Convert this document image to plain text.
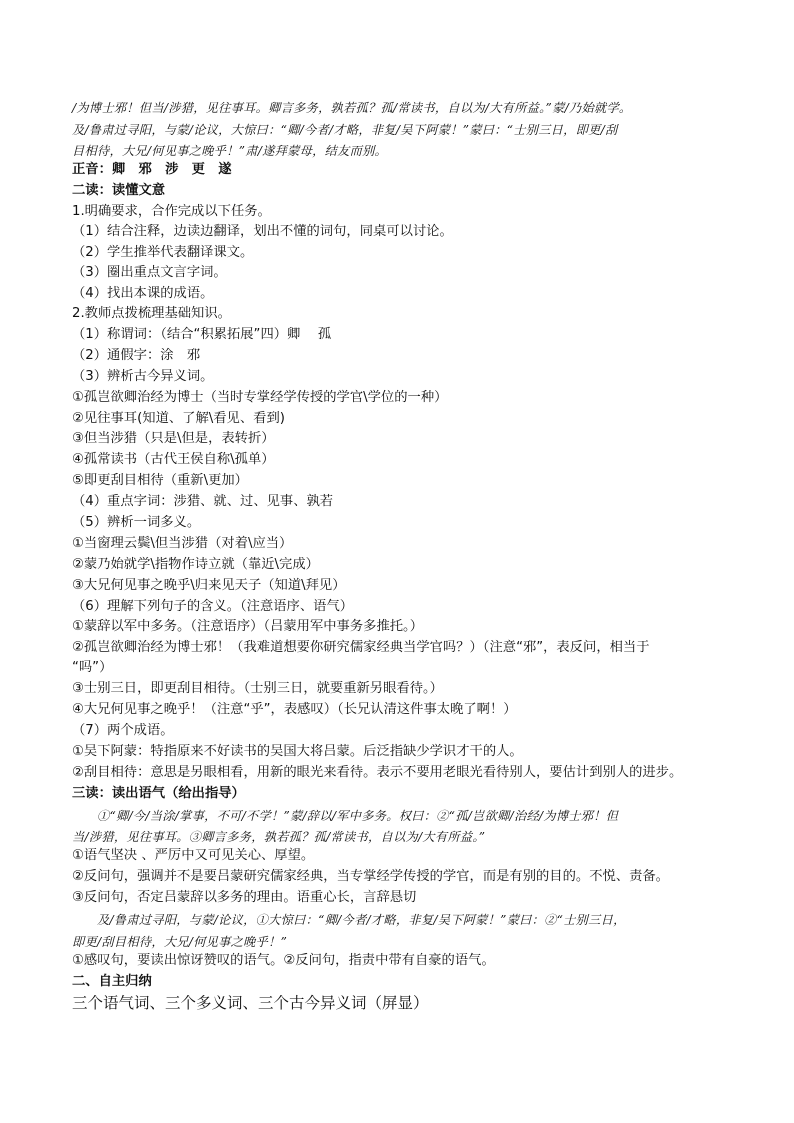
/为博士邪！但当/涉猎，见往事耳。卿言多务，孰若孤？孤/常读书，自以为/大有所益。”蒙/乃始就学。
及/鲁肃过寻阳，与蒙/论议，大惊曰：“卿/今者/才略，非复/吴下阿蒙！”蒙曰：“士别三日，即更/刮
目相待，大兄/何见事之晚乎！”肃/遂拜蒙母，结友而别。
正音：卿　邪　涉　更　遂
二读：读懂文意
1.明确要求，合作完成以下任务。
（1）结合注释，边读边翻译，划出不懂的词句，同桌可以讨论。
（2）学生推举代表翻译课文。
（3）圈出重点文言字词。
（4）找出本课的成语。
2.教师点拨梳理基础知识。
（1）称谓词：（结合“积累拓展”四）卿　 孤
（2）通假字：涂　邪
（3）辨析古今异义词。
①孤岂欲卿治经为博士（当时专掌经学传授的学官\学位的一种）
②见往事耳(知道、了解\看见、看到)
③但当涉猎（只是\但是，表转折）
④孤常读书（古代王侯自称\孤单）
⑤即更刮目相待（重新\更加）
（4）重点字词：涉猎、就、过、见事、孰若
（5）辨析一词多义。
①当窗理云鬓\但当涉猎（对着\应当）
②蒙乃始就学\指物作诗立就（靠近\完成）
③大兄何见事之晚乎\归来见天子（知道\拜见）
（6）理解下列句子的含义。（注意语序、语气）
①蒙辞以军中多务。（注意语序）（吕蒙用军中事务多推托。）
②孤岂欲卿治经为博士邪！（我难道想要你研究儒家经典当学官吗？）（注意“邪”，表反问，相当于
“吗”）
③士别三日，即更刮目相待。（士别三日，就要重新另眼看待。）
④大兄何见事之晚乎！（注意“乎”，表感叹）（长兄认清这件事太晚了啊！）
（7）两个成语。
①吴下阿蒙：特指原来不好读书的吴国大将吕蒙。后泛指缺少学识才干的人。
②刮目相待：意思是另眼相看，用新的眼光来看待。表示不要用老眼光看待别人，要估计到别人的进步。
三读：读出语气（给出指导）
　　①“卿/今/当涂/掌事，不可/不学！”蒙/辞以/军中多务。权曰：②“孤/岂欲卿/治经/为博士邪！但
当/涉猎，见往事耳。③卿言多务，孰若孤？孤/常读书，自以为/大有所益。”
①语气坚决 、严厉中又可见关心、厚望。
②反问句，强调并不是要吕蒙研究儒家经典，当专掌经学传授的学官，而是有别的目的。不悦、责备。
③反问句，否定吕蒙辞以多务的理由。语重心长，言辞恳切
　　及/鲁肃过寻阳，与蒙/论议，①大惊曰：“卿/今者/才略，非复/吴下阿蒙！”蒙曰：②“士别三日，
即更/刮目相待，大兄/何见事之晚乎！”
①感叹句，要读出惊讶赞叹的语气。②反问句，指责中带有自豪的语气。
二、自主归纳
三个语气词、三个多义词、三个古今异义词（屏显）
